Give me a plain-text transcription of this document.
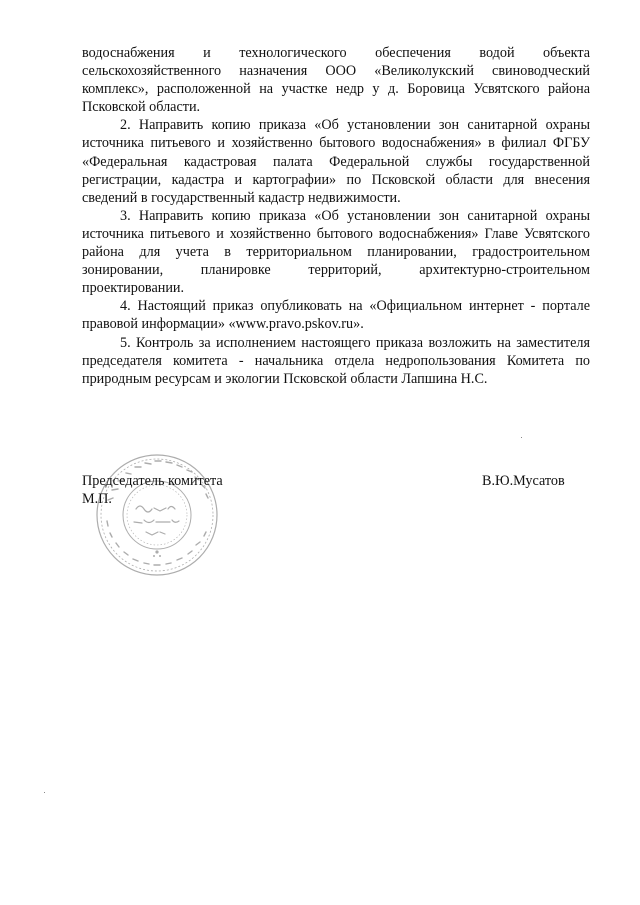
водоснабжения и технологического обеспечения водой объекта сельскохозяйственного назначения ООО «Великолукский свиноводческий комплекс», расположенной на участке недр у д. Боровица Усвятского района Псковской области.

2. Направить копию приказа «Об установлении зон санитарной охраны источника питьевого и хозяйственно бытового водоснабжения» в филиал ФГБУ «Федеральная кадастровая палата Федеральной службы государственной регистрации, кадастра и картографии» по Псковской области для внесения сведений в государственный кадастр недвижимости.

3. Направить копию приказа «Об установлении зон санитарной охраны источника питьевого и хозяйственно бытового водоснабжения» Главе Усвятского района для учета в территориальном планировании, градостроительном зонировании, планировке территорий, архитектурно-строительном проектировании.

4. Настоящий приказ опубликовать на «Официальном интернет - портале правовой информации» «www.pravo.pskov.ru».

5. Контроль за исполнением настоящего приказа возложить на заместителя председателя комитета - начальника отдела недропользования Комитета по природным ресурсам и экологии Псковской области Лапшина Н.С.

Председатель комитета
М.П.
В.Ю.Мусатов
